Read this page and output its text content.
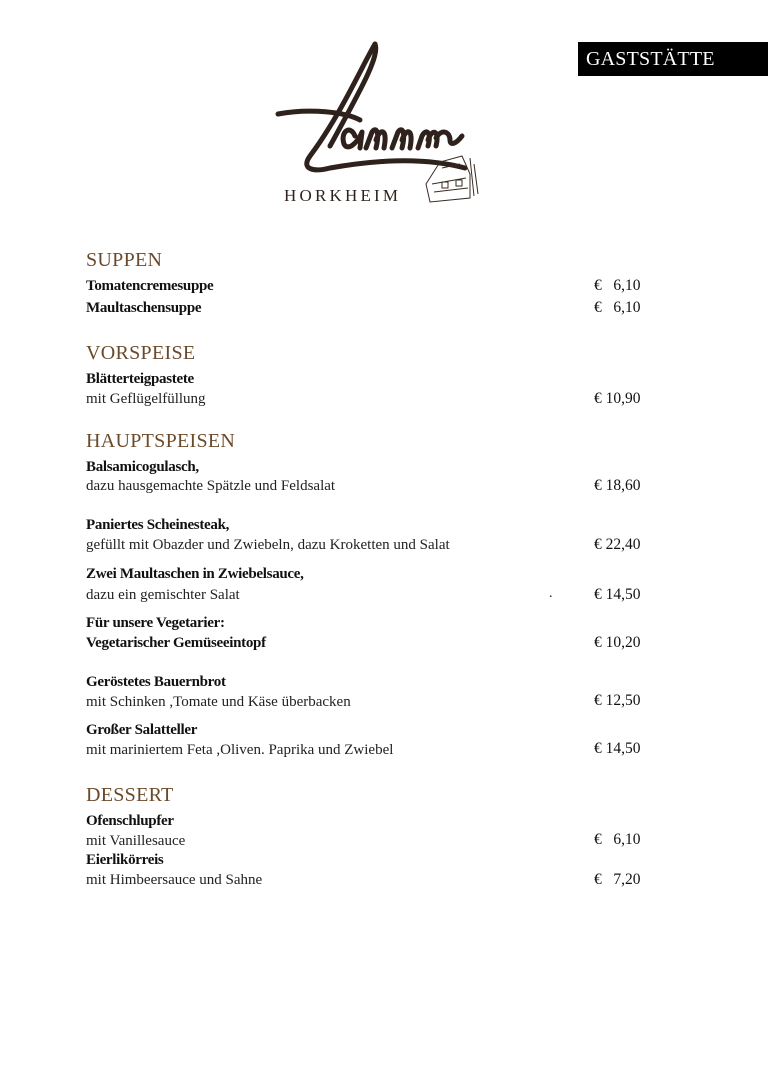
GASTSTÄTTE
HORKHEIM
SUPPEN
Tomatencremesuppe	€ 6,10
Maultaschensuppe	€ 6,10
VORSPEISE
Blätterteigpastete
mit Geflügelfüllung	€ 10,90
HAUPTSPEISEN
Balsamicogulasch,
dazu hausgemachte Spätzle und Feldsalat	€ 18,60
Paniertes Scheinesteak,
gefüllt mit Obazder und Zwiebeln, dazu Kroketten und Salat	€ 22,40
Zwei Maultaschen in Zwiebelsauce,
dazu ein gemischter Salat	.	€ 14,50
Für unsere Vegetarier:
Vegetarischer Gemüseeintopf	€ 10,20
Geröstetes Bauernbrot
mit Schinken ,Tomate und Käse überbacken	€ 12,50
Großer Salatteller
mit mariniertem Feta ,Oliven. Paprika und Zwiebel	€ 14,50
DESSERT
Ofenschlupfer
mit Vanillesauce	€ 6,10
Eierlikörreis
mit Himbeersauce und Sahne	€ 7,20
